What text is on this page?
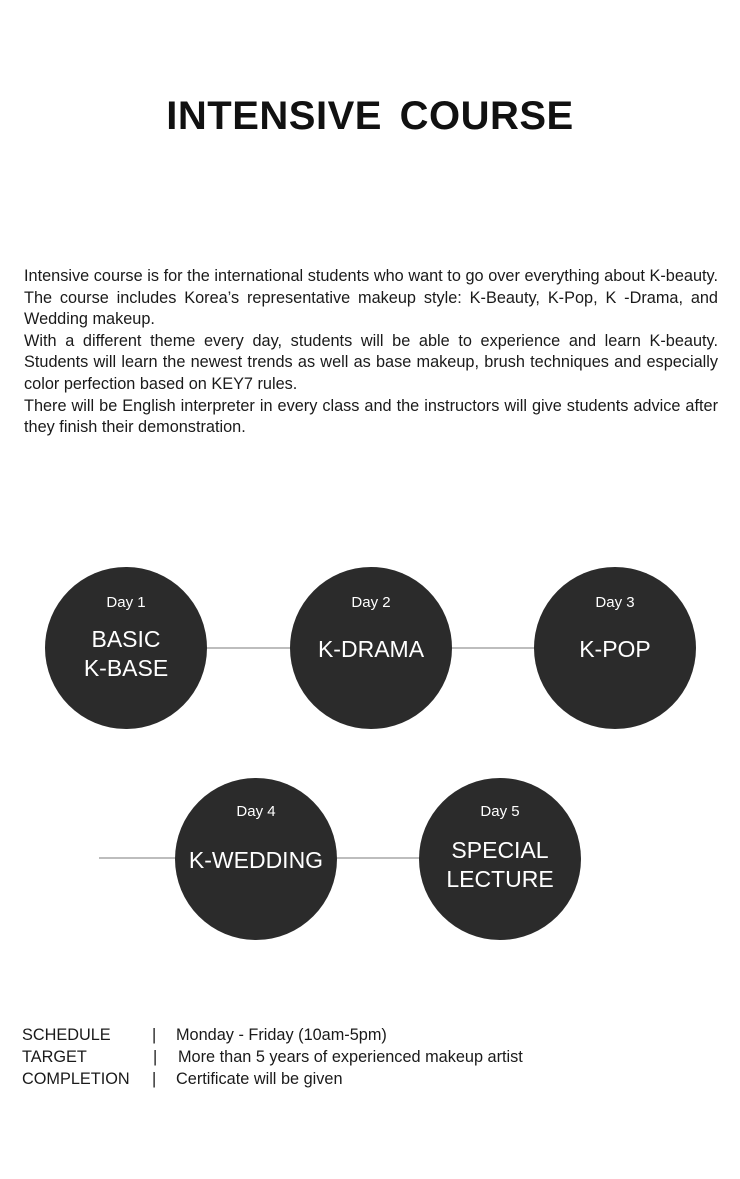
INTENSIVE COURSE

Intensive course is for the international students who want to go over everything about K-beauty. The course includes Korea’s representative makeup style: K-Beauty, K-Pop, K -Drama, and Wedding makeup.

With a different theme every day, students will be able to experience and learn K-beauty. Students will learn the newest trends as well as base makeup, brush techniques and especially color perfection based on KEY7 rules.

There will be English interpreter in every class and the instructors will give students advice after they finish their demonstration.

Day 1
BASIC
K-BASE
Day 2
K-DRAMA
Day 3
K-POP
Day 4
K-WEDDING
Day 5
SPECIAL
LECTURE
SCHEDULE	| Monday - Friday (10am-5pm)
TARGET	| More than 5 years of experienced makeup artist
COMPLETION | Certificate will be given
